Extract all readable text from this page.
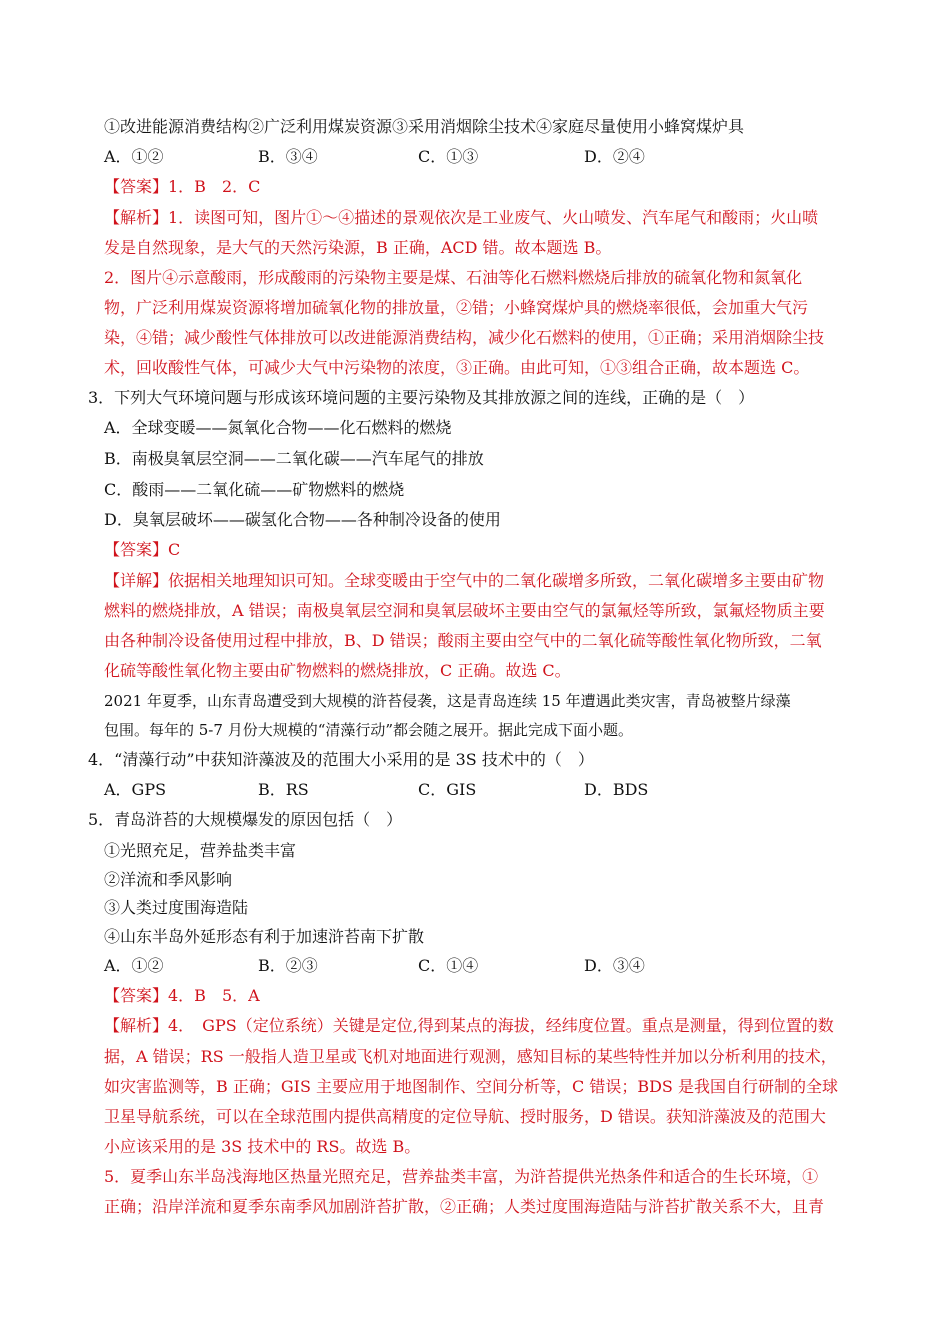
①改进能源消费结构②广泛利用煤炭资源③采用消烟除尘技术④家庭尽量使用小蜂窝煤炉具
A．①②	B．③④	C．①③	D．②④
【答案】1．B　2．C
【解析】1．读图可知，图片①～④描述的景观依次是工业废气、火山喷发、汽车尾气和酸雨；火山喷
发是自然现象，是大气的天然污染源，B 正确，ACD 错。故本题选 B。
2．图片④示意酸雨，形成酸雨的污染物主要是煤、石油等化石燃料燃烧后排放的硫氧化物和氮氧化
物，广泛利用煤炭资源将增加硫氧化物的排放量，②错；小蜂窝煤炉具的燃烧率很低，会加重大气污
染，④错；减少酸性气体排放可以改进能源消费结构，减少化石燃料的使用，①正确；采用消烟除尘技
术，回收酸性气体，可减少大气中污染物的浓度，③正确。由此可知，①③组合正确，故本题选 C。
3．下列大气环境问题与形成该环境问题的主要污染物及其排放源之间的连线，正确的是（　）
A．全球变暖——氮氧化合物——化石燃料的燃烧
B．南极臭氧层空洞——二氧化碳——汽车尾气的排放
C．酸雨——二氧化硫——矿物燃料的燃烧
D．臭氧层破坏——碳氢化合物——各种制冷设备的使用
【答案】C
【详解】依据相关地理知识可知。全球变暖由于空气中的二氧化碳增多所致，二氧化碳增多主要由矿物
燃料的燃烧排放，A 错误；南极臭氧层空洞和臭氧层破坏主要由空气的氯氟烃等所致，氯氟烃物质主要
由各种制冷设备使用过程中排放，B、D 错误；酸雨主要由空气中的二氧化硫等酸性氧化物所致，二氧
化硫等酸性氧化物主要由矿物燃料的燃烧排放，C 正确。故选 C。
2021 年夏季，山东青岛遭受到大规模的浒苔侵袭，这是青岛连续 15 年遭遇此类灾害，青岛被整片绿藻
包围。每年的 5-7 月份大规模的“清藻行动”都会随之展开。据此完成下面小题。
4．“清藻行动”中获知浒藻波及的范围大小采用的是 3S 技术中的（　）
A．GPS	B．RS	C．GIS	D．BDS
5．青岛浒苔的大规模爆发的原因包括（　）
①光照充足，营养盐类丰富
②洋流和季风影响
③人类过度围海造陆
④山东半岛外延形态有利于加速浒苔南下扩散
A．①②	B．②③	C．①④	D．③④
【答案】4．B　5．A
【解析】4．　GPS（定位系统）关键是定位,得到某点的海拔，经纬度位置。重点是测量，得到位置的数
据，A 错误；RS 一般指人造卫星或飞机对地面进行观测，感知目标的某些特性并加以分析利用的技术，
如灾害监测等，B 正确；GIS 主要应用于地图制作、空间分析等，C 错误；BDS 是我国自行研制的全球
卫星导航系统，可以在全球范围内提供高精度的定位导航、授时服务，D 错误。获知浒藻波及的范围大
小应该采用的是 3S 技术中的 RS。故选 B。
5．夏季山东半岛浅海地区热量光照充足，营养盐类丰富，为浒苔提供光热条件和适合的生长环境，①
正确；沿岸洋流和夏季东南季风加剧浒苔扩散，②正确；人类过度围海造陆与浒苔扩散关系不大，且青
